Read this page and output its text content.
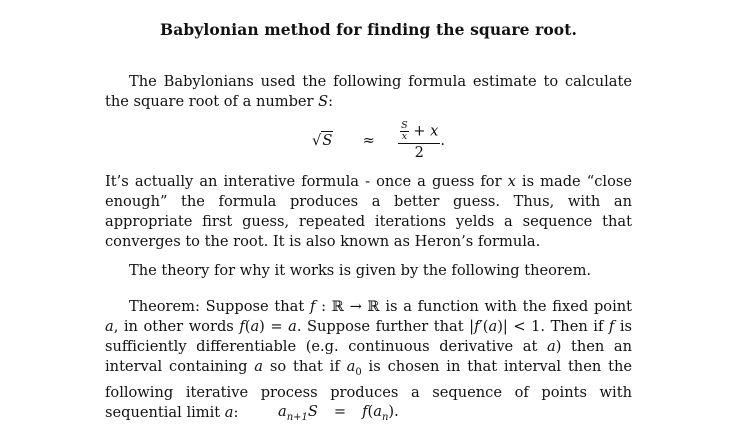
Babylonian method for finding the square root.
The Babylonians used the following formula estimate to calculate the square root of a number S:
$√S \approx \frac{\frac{S}{x} + x}{2}$ .
It’s actually an interative formula - once a guess for x is made “close enough” the formula produces a better guess. Thus, with an appropriate first guess, repeated iterations yelds a sequence that converges to the root. It is also known as Heron’s formula.
The theory for why it works is given by the following theorem.
Theorem: Suppose that f : ℝ → ℝ is a function with the fixed point a, in other words f(a) = a. Suppose further that |f′(a)| < 1. Then if f is sufficiently differentiable (e.g. continuous derivative at a) then an interval containing a so that if $a_0$ is chosen in that interval then the following iterative process produces a sequence of points with sequential limit a:	$a_{n+1}S = f(a_n)$.
